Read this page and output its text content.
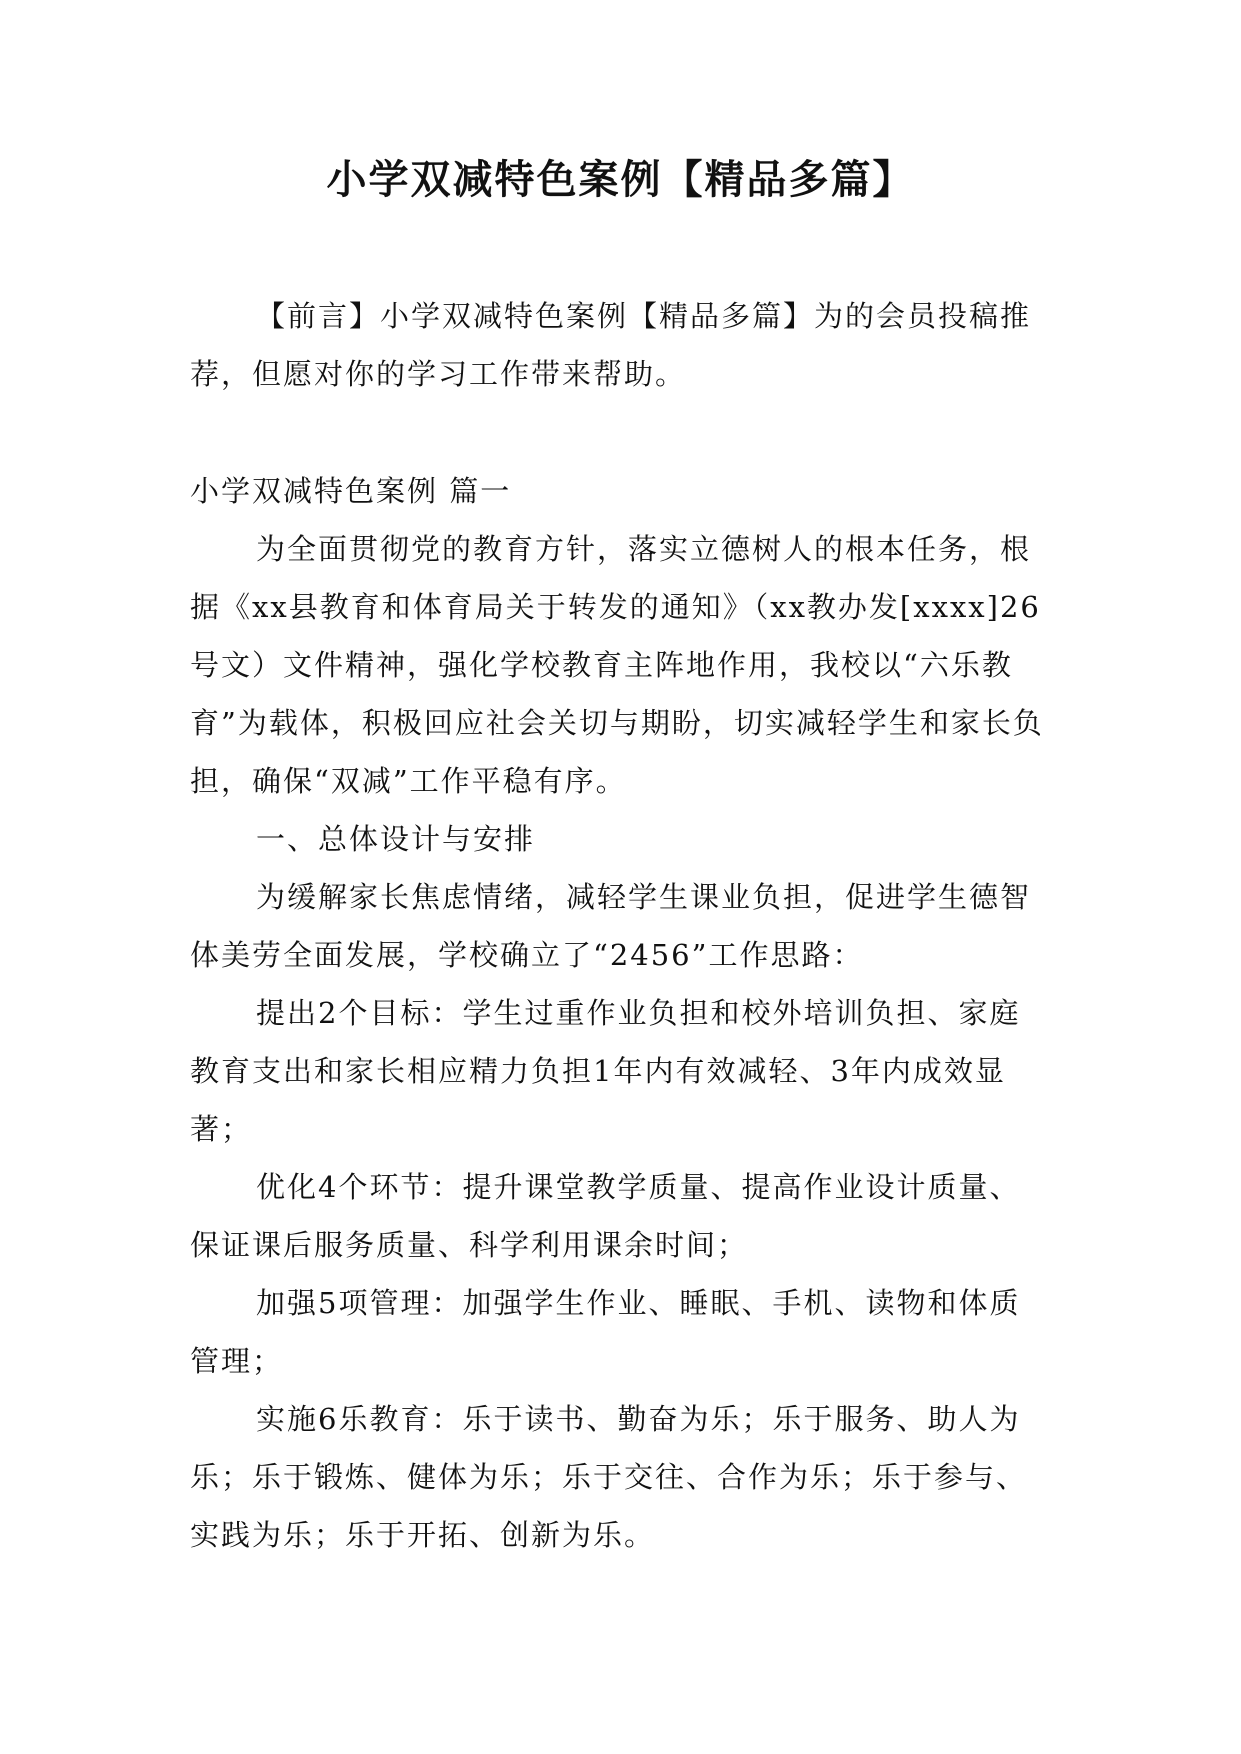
小学双减特色案例【精品多篇】

【前言】小学双减特色案例【精品多篇】为的会员投稿推荐，但愿对你的学习工作带来帮助。

小学双减特色案例 篇一

为全面贯彻党的教育方针，落实立德树人的根本任务，根据《xx县教育和体育局关于转发的通知》（xx教办发[xxxx]26号文）文件精神，强化学校教育主阵地作用，我校以“六乐教育”为载体，积极回应社会关切与期盼，切实减轻学生和家长负担，确保“双减”工作平稳有序。

一、总体设计与安排

为缓解家长焦虑情绪，减轻学生课业负担，促进学生德智体美劳全面发展，学校确立了“2456”工作思路：

提出2个目标：学生过重作业负担和校外培训负担、家庭教育支出和家长相应精力负担1年内有效减轻、3年内成效显著；

优化4个环节：提升课堂教学质量、提高作业设计质量、保证课后服务质量、科学利用课余时间；

加强5项管理：加强学生作业、睡眠、手机、读物和体质管理；

实施6乐教育：乐于读书、勤奋为乐；乐于服务、助人为乐；乐于锻炼、健体为乐；乐于交往、合作为乐；乐于参与、实践为乐；乐于开拓、创新为乐。
